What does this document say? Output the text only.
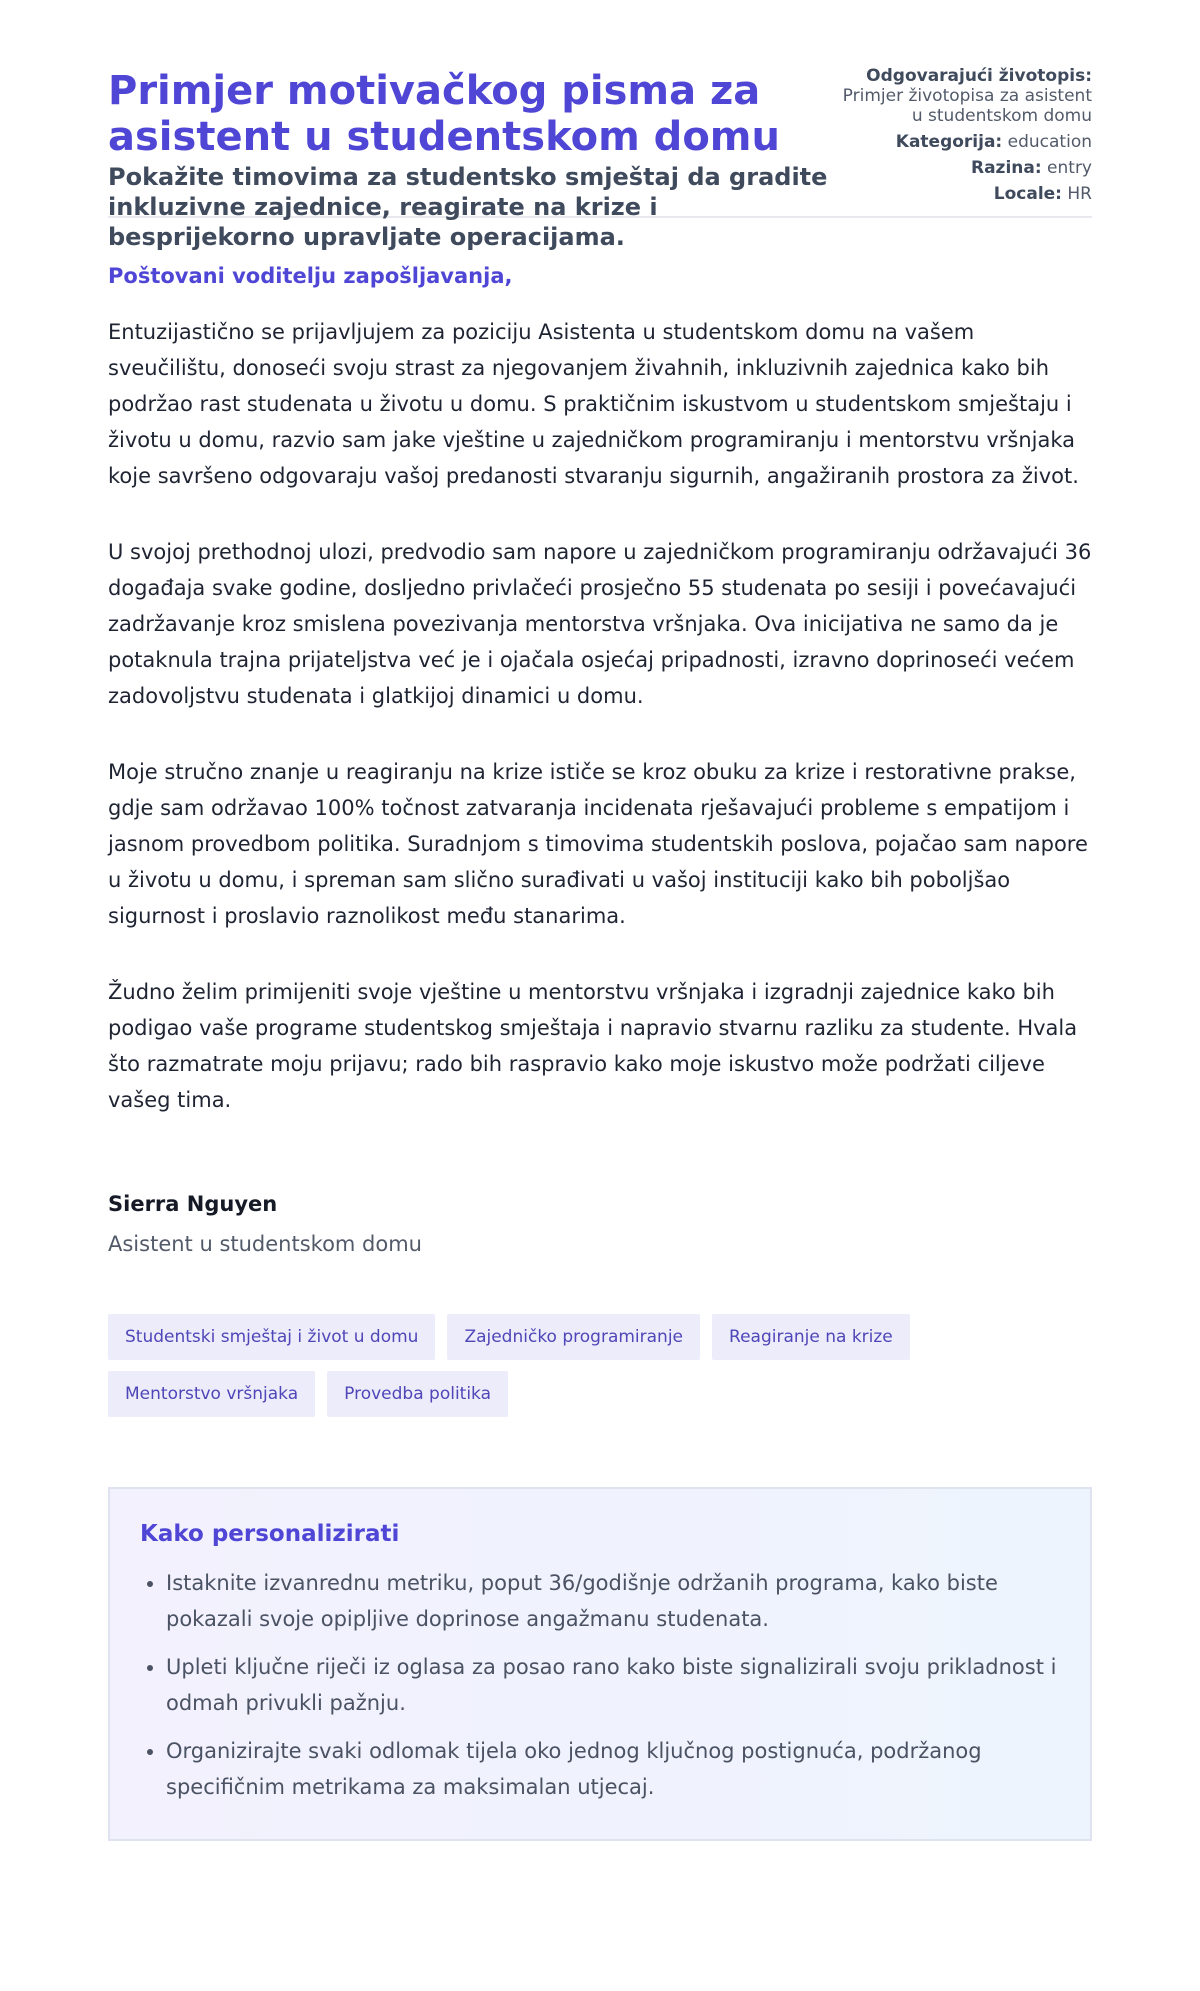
Primjer motivačkog pisma za asistent u studentskom domu

Pokažite timovima za studentsko smještaj da gradite inkluzivne zajednice, reagirate na krize i besprijekorno upravljate operacijama.

Odgovarajući životopis:
Primjer životopisa za asistent u studentskom domu
Kategorija: education
Razina: entry
Locale: HR

Poštovani voditelju zapošljavanja,

Entuzijastično se prijavljujem za poziciju Asistenta u studentskom domu na vašem sveučilištu, donoseći svoju strast za njegovanjem živahnih, inkluzivnih zajednica kako bih podržao rast studenata u životu u domu. S praktičnim iskustvom u studentskom smještaju i životu u domu, razvio sam jake vještine u zajedničkom programiranju i mentorstvu vršnjaka koje savršeno odgovaraju vašoj predanosti stvaranju sigurnih, angažiranih prostora za život.

U svojoj prethodnoj ulozi, predvodio sam napore u zajedničkom programiranju održavajući 36 događaja svake godine, dosljedno privlačeći prosječno 55 studenata po sesiji i povećavajući zadržavanje kroz smislena povezivanja mentorstva vršnjaka. Ova inicijativa ne samo da je potaknula trajna prijateljstva već je i ojačala osjećaj pripadnosti, izravno doprinoseći većem zadovoljstvu studenata i glatkijoj dinamici u domu.

Moje stručno znanje u reagiranju na krize ističe se kroz obuku za krize i restorativne prakse, gdje sam održavao 100% točnost zatvaranja incidenata rješavajući probleme s empatijom i jasnom provedbom politika. Suradnjom s timovima studentskih poslova, pojačao sam napore u životu u domu, i spreman sam slično surađivati u vašoj instituciji kako bih poboljšao sigurnost i proslavio raznolikost među stanarima.

Žudno želim primijeniti svoje vještine u mentorstvu vršnjaka i izgradnji zajednice kako bih podigao vaše programe studentskog smještaja i napravio stvarnu razliku za studente. Hvala što razmatrate moju prijavu; rado bih raspravio kako moje iskustvo može podržati ciljeve vašeg tima.

Sierra Nguyen

Asistent u studentskom domu

Studentski smještaj i život u domu	Zajedničko programiranje	Reagiranje na krize
Mentorstvo vršnjaka	Provedba politika
Kako personalizirati
• Istaknite izvanrednu metriku, poput 36/godišnje održanih programa, kako biste pokazali svoje opipljive doprinose angažmanu studenata.
• Upleti ključne riječi iz oglasa za posao rano kako biste signalizirali svoju prikladnost i odmah privukli pažnju.
• Organizirajte svaki odlomak tijela oko jednog ključnog postignuća, podržanog specifičnim metrikama za maksimalan utjecaj.
